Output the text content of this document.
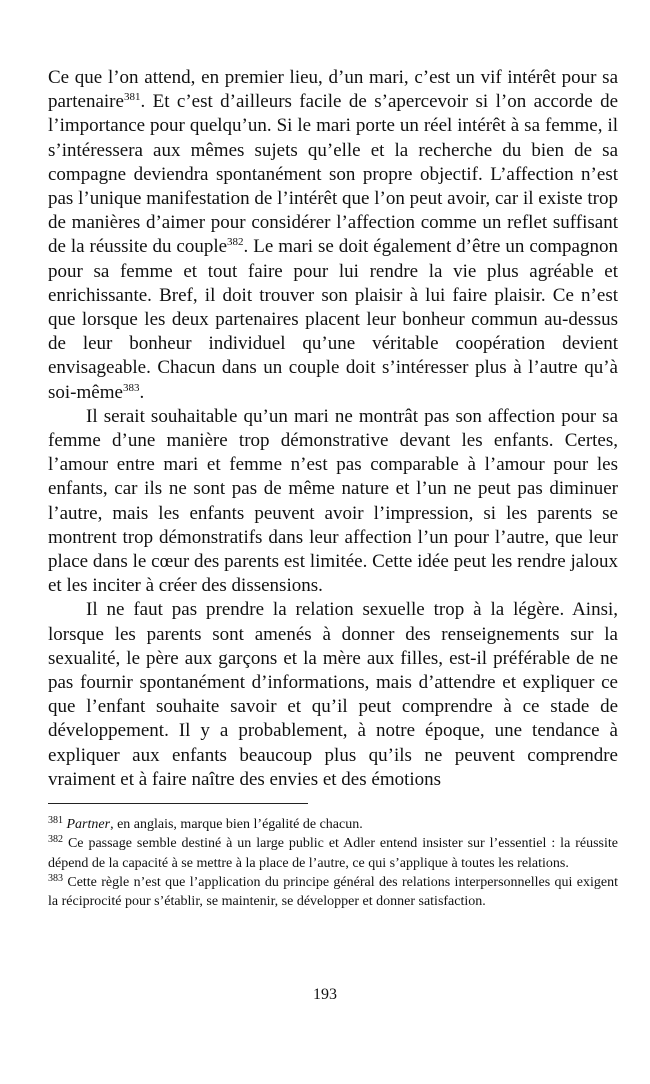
Ce que l’on attend, en premier lieu, d’un mari, c’est un vif intérêt pour sa partenaire$^{381}$. Et c’est d’ailleurs facile de s’apercevoir si l’on accorde de l’importance pour quelqu’un. Si le mari porte un réel intérêt à sa femme, il s’intéressera aux mêmes sujets qu’elle et la recherche du bien de sa compagne deviendra spontanément son propre objectif. L’affection n’est pas l’unique manifestation de l’intérêt que l’on peut avoir, car il existe trop de manières d’aimer pour considérer l’affection comme un reflet suffisant de la réussite du couple$^{382}$. Le mari se doit également d’être un compagnon pour sa femme et tout faire pour lui rendre la vie plus agréable et enrichissante. Bref, il doit trouver son plaisir à lui faire plaisir. Ce n’est que lorsque les deux partenaires placent leur bonheur commun au-dessus de leur bonheur individuel qu’une véritable coopération devient envisageable. Chacun dans un couple doit s’intéresser plus à l’autre qu’à soi-même$^{383}$.

Il serait souhaitable qu’un mari ne montrât pas son affection pour sa femme d’une manière trop démonstrative devant les enfants. Certes, l’amour entre mari et femme n’est pas comparable à l’amour pour les enfants, car ils ne sont pas de même nature et l’un ne peut pas diminuer l’autre, mais les enfants peuvent avoir l’impression, si les parents se montrent trop démonstratifs dans leur affection l’un pour l’autre, que leur place dans le cœur des parents est limitée. Cette idée peut les rendre jaloux et les inciter à créer des dissensions.

Il ne faut pas prendre la relation sexuelle trop à la légère. Ainsi, lorsque les parents sont amenés à donner des renseignements sur la sexualité, le père aux garçons et la mère aux filles, est-il préférable de ne pas fournir spontanément d’informations, mais d’attendre et expliquer ce que l’enfant souhaite savoir et qu’il peut comprendre à ce stade de développement. Il y a probablement, à notre époque, une tendance à expliquer aux enfants beaucoup plus qu’ils ne peuvent comprendre vraiment et à faire naître des envies et des émotions

$^{381}$ Partner, en anglais, marque bien l’égalité de chacun.

$^{382}$ Ce passage semble destiné à un large public et Adler entend insister sur l’essentiel : la réussite dépend de la capacité à se mettre à la place de l’autre, ce qui s’applique à toutes les relations.

$^{383}$ Cette règle n’est que l’application du principe général des relations interpersonnelles qui exigent la réciprocité pour s’établir, se maintenir, se développer et donner satisfaction.

193
